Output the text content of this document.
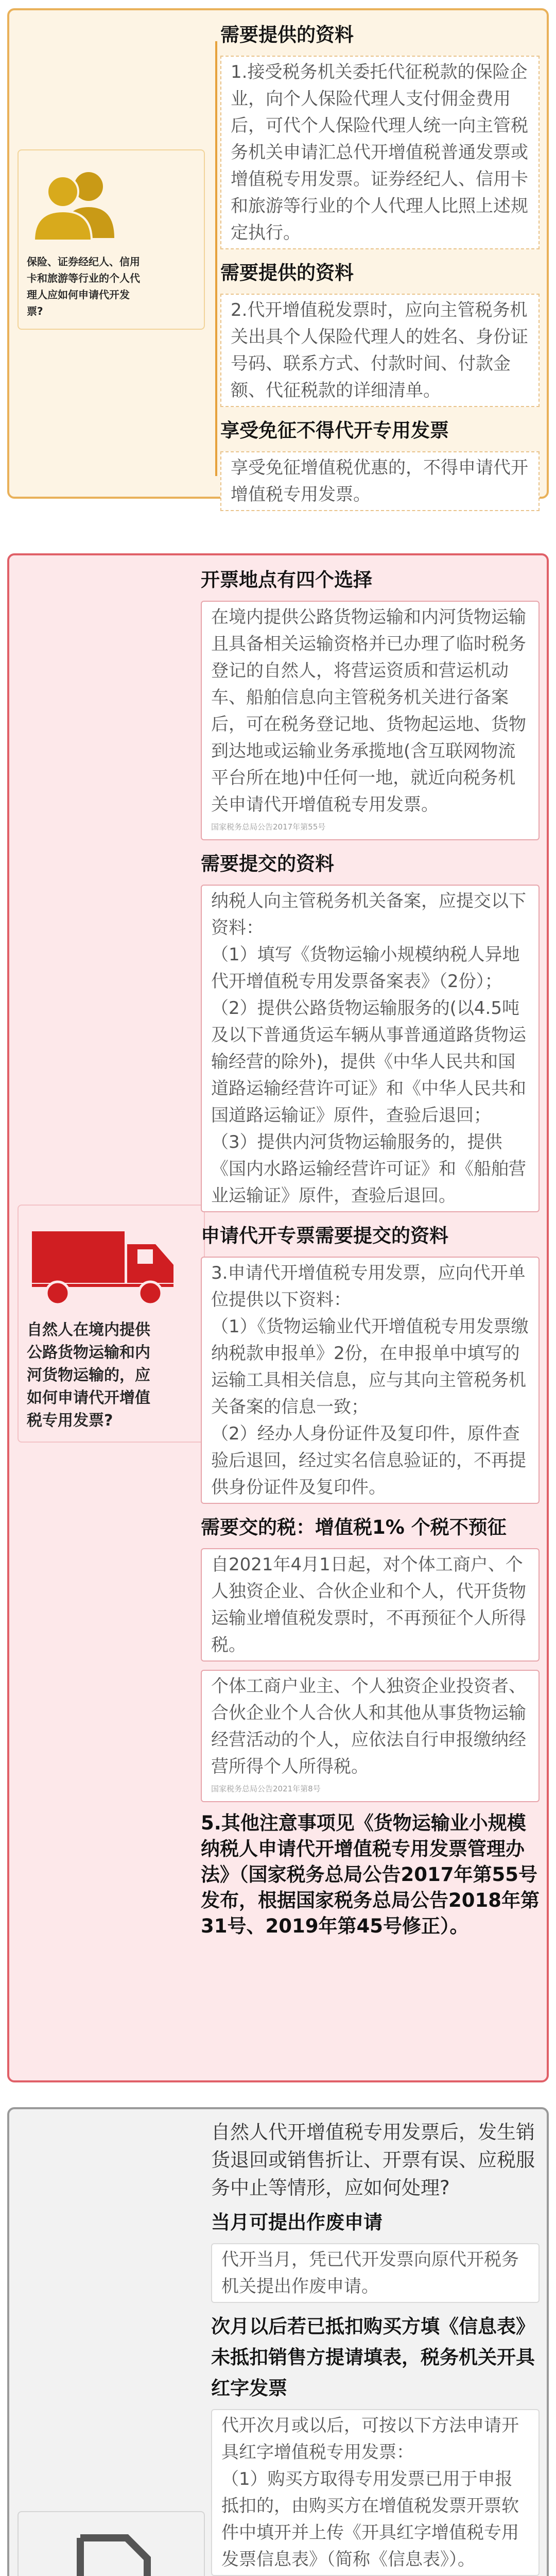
保险、证券经纪人、信用
卡和旅游等行业的个人代
理人应如何申请代开发
票?
需要提供的资料
1.接受税务机关委托代征税款的保险企业，向个人保险代理人支付佣金费用后，可代个人保险代理人统一向主管税务机关申请汇总代开增值税普通发票或增值税专用发票。证券经纪人、信用卡和旅游等行业的个人代理人比照上述规定执行。
需要提供的资料
2.代开增值税发票时，应向主管税务机关出具个人保险代理人的姓名、身份证号码、联系方式、付款时间、付款金额、代征税款的详细清单。
享受免征不得代开专用发票
享受免征增值税优惠的，不得申请代开增值税专用发票。
自然人在境内提供
公路货物运输和内
河货物运输的，应
如何申请代开增值
税专用发票?
开票地点有四个选择
在境内提供公路货物运输和内河货物运输且具备相关运输资格并已办理了临时税务登记的自然人，将营运资质和营运机动车、船舶信息向主管税务机关进行备案后，可在税务登记地、货物起运地、货物到达地或运输业务承揽地(含互联网物流平台所在地)中任何一地，就近向税务机关申请代开增值税专用发票。
国家税务总局公告2017年第55号
需要提交的资料
纳税人向主管税务机关备案，应提交以下资料：
（1）填写《货物运输小规模纳税人异地代开增值税专用发票备案表》（2份）；
（2）提供公路货物运输服务的(以4.5吨及以下普通货运车辆从事普通道路货物运输经营的除外)，提供《中华人民共和国道路运输经营许可证》和《中华人民共和国道路运输证》原件，查验后退回；
（3）提供内河货物运输服务的，提供《国内水路运输经营许可证》和《船舶营业运输证》原件，查验后退回。
申请代开专票需要提交的资料
3.申请代开增值税专用发票，应向代开单位提供以下资料：
（1）《货物运输业代开增值税专用发票缴纳税款申报单》2份，在申报单中填写的运输工具相关信息，应与其向主管税务机关备案的信息一致；
（2）经办人身份证件及复印件，原件查验后退回，经过实名信息验证的，不再提供身份证件及复印件。
需要交的税：增值税1% 个税不预征
自2021年4月1日起，对个体工商户、个人独资企业、合伙企业和个人，代开货物运输业增值税发票时，不再预征个人所得税。
个体工商户业主、个人独资企业投资者、合伙企业个人合伙人和其他从事货物运输经营活动的个人，应依法自行申报缴纳经营所得个人所得税。
国家税务总局公告2021年第8号
5.其他注意事项见《货物运输业小规模纳税人申请代开增值税专用发票管理办法》（国家税务总局公告2017年第55号发布，根据国家税务总局公告2018年第31号、2019年第45号修正）。
自然人代开增值税专用发票后，发生销货退回或销售折让、开票有误、应税服务中止等情形，应如何处理?
当月可提出作废申请
代开当月，凭已代开发票向原代开税务机关提出作废申请。
次月以后若已抵扣购买方填《信息表》
未抵扣销售方提请填表，税务机关开具红字发票
代开次月或以后，可按以下方法申请开具红字增值税专用发票：
（1）购买方取得专用发票已用于申报抵扣的，由购买方在增值税发票开票软件中填开并上传《开具红字增值税专用发票信息表》（简称《信息表》）。
